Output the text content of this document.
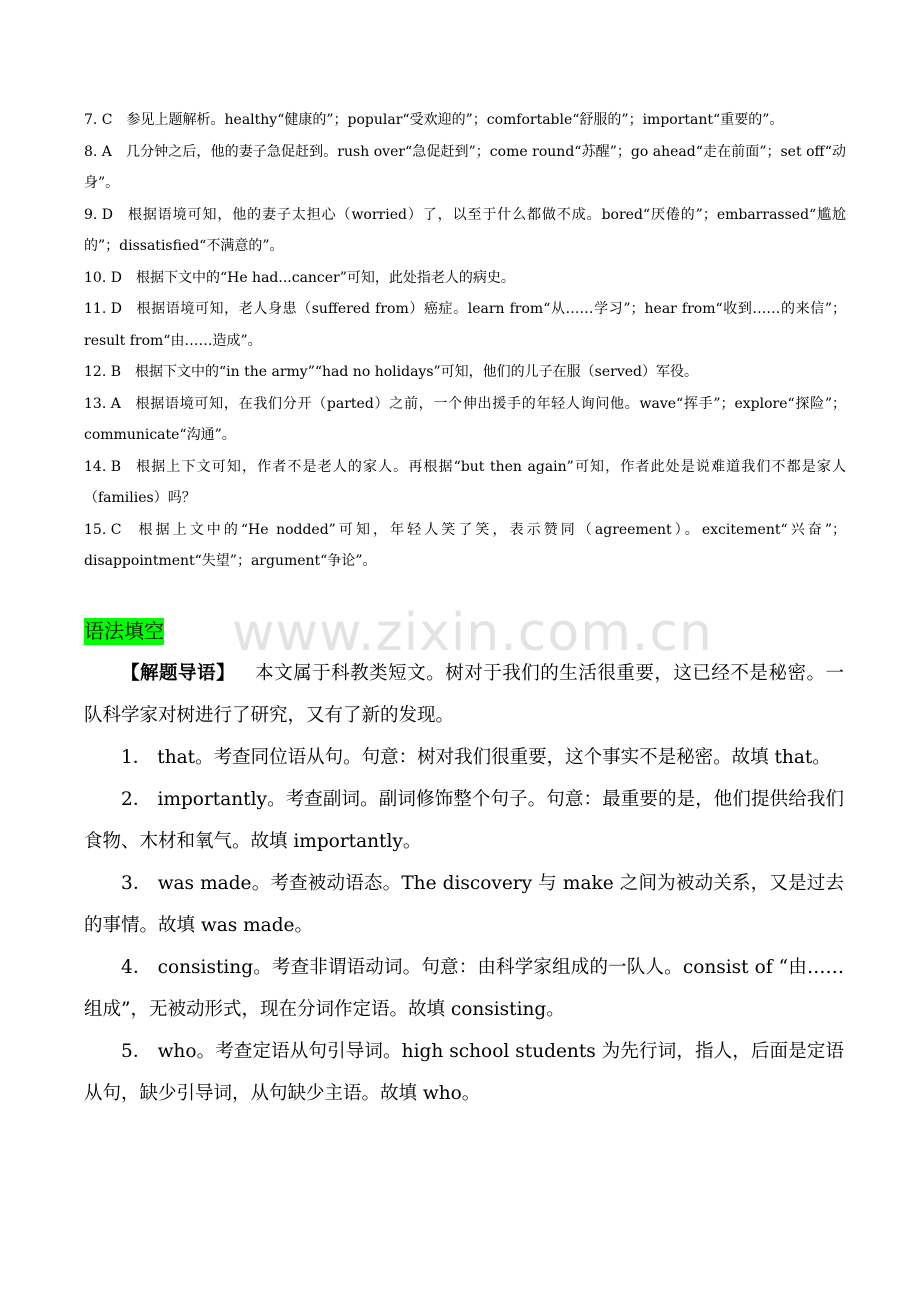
7. C 参见上题解析。healthy“健康的”；popular“受欢迎的”；comfortable“舒服的”；important“重要的”。

8. A 几分钟之后，他的妻子急促赶到。rush over“急促赶到”；come round“苏醒”；go ahead“走在前面”；set off“动身”。

9. D 根据语境可知，他的妻子太担心（worried）了，以至于什么都做不成。bored“厌倦的”；embarrassed“尴尬的”；dissatisfied“不满意的”。

10. D 根据下文中的“He had...cancer”可知，此处指老人的病史。

11. D 根据语境可知，老人身患（suffered from）癌症。learn from“从……学习”；hear from“收到……的来信”；result from“由……造成”。

12. B 根据下文中的“in the army”“had no holidays”可知，他们的儿子在服（served）军役。

13. A 根据语境可知，在我们分开（parted）之前，一个伸出援手的年轻人询问他。wave“挥手”；explore“探险”；communicate“沟通”。

14. B 根据上下文可知，作者不是老人的家人。再根据“but then again”可知，作者此处是说难道我们不都是家人（families）吗？

15. C 根据上文中的“He nodded”可知，年轻人笑了笑，表示赞同（agreement）。excitement“兴奋”；disappointment“失望”；argument“争论”。

www.zixin.com.cn
语法填空

【解题导语】 本文属于科教类短文。树对于我们的生活很重要，这已经不是秘密。一队科学家对树进行了研究，又有了新的发现。

1． that。考查同位语从句。句意：树对我们很重要，这个事实不是秘密。故填 that。

2． importantly。考查副词。副词修饰整个句子。句意：最重要的是，他们提供给我们食物、木材和氧气。故填 importantly。

3． was made。考查被动语态。The discovery 与 make 之间为被动关系，又是过去的事情。故填 was made。

4． consisting。考查非谓语动词。句意：由科学家组成的一队人。consist of “由……组成”，无被动形式，现在分词作定语。故填 consisting。

5． who。考查定语从句引导词。high school students 为先行词，指人，后面是定语从句，缺少引导词，从句缺少主语。故填 who。
